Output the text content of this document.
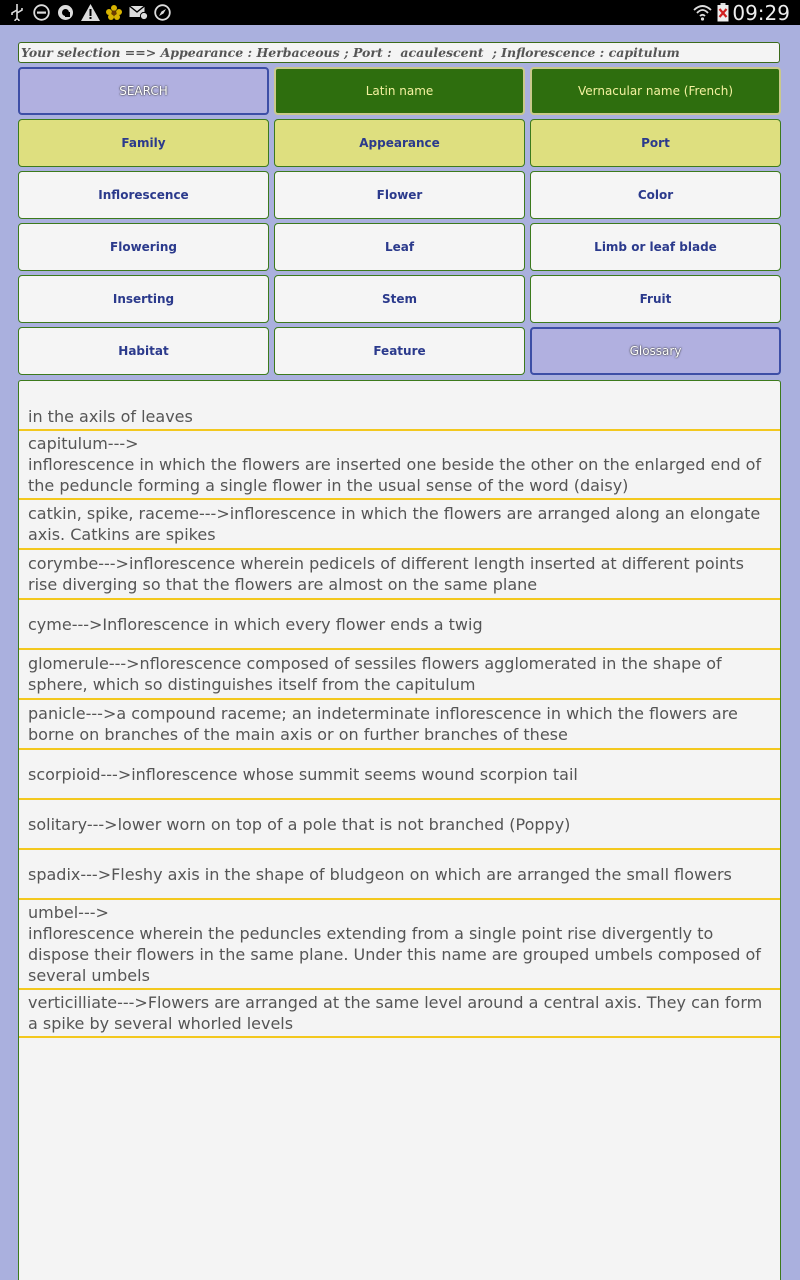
09:29
Your selection ==> Appearance : Herbaceous ; Port :  acaulescent  ; Inflorescence : capitulum
SEARCH	Latin name	Vernacular name (French)
Family	Appearance	Port
Inflorescence	Flower	Color
Flowering	Leaf	Limb or leaf blade
Inserting	Stem	Fruit
Habitat	Feature	Glossary
in the axils of leaves
capitulum--->
inflorescence in which the flowers are inserted one beside the other on the enlarged end of the peduncle forming a single flower in the usual sense of the word (daisy)
catkin, spike, raceme--->inflorescence in which the flowers are arranged along an elongate axis. Catkins are spikes
corymbe--->inflorescence wherein pedicels of different length inserted at different points rise diverging so that the flowers are almost on the same plane
cyme--->Inflorescence in which every flower ends a twig
glomerule--->nflorescence composed of sessiles flowers agglomerated in the shape of sphere, which so distinguishes itself from the capitulum
panicle--->a compound raceme; an indeterminate inflorescence in which the flowers are borne on branches of the main axis or on further branches of these
scorpioid--->inflorescence whose summit seems wound scorpion tail
solitary--->lower worn on top of a pole that is not branched (Poppy)
spadix--->Fleshy axis in the shape of bludgeon on which are arranged the small flowers
umbel--->
inflorescence wherein the peduncles extending from a single point rise divergently to dispose their flowers in the same plane. Under this name are grouped umbels composed of several umbels
verticilliate--->Flowers are arranged at the same level around a central axis. They can form a spike by several whorled levels
